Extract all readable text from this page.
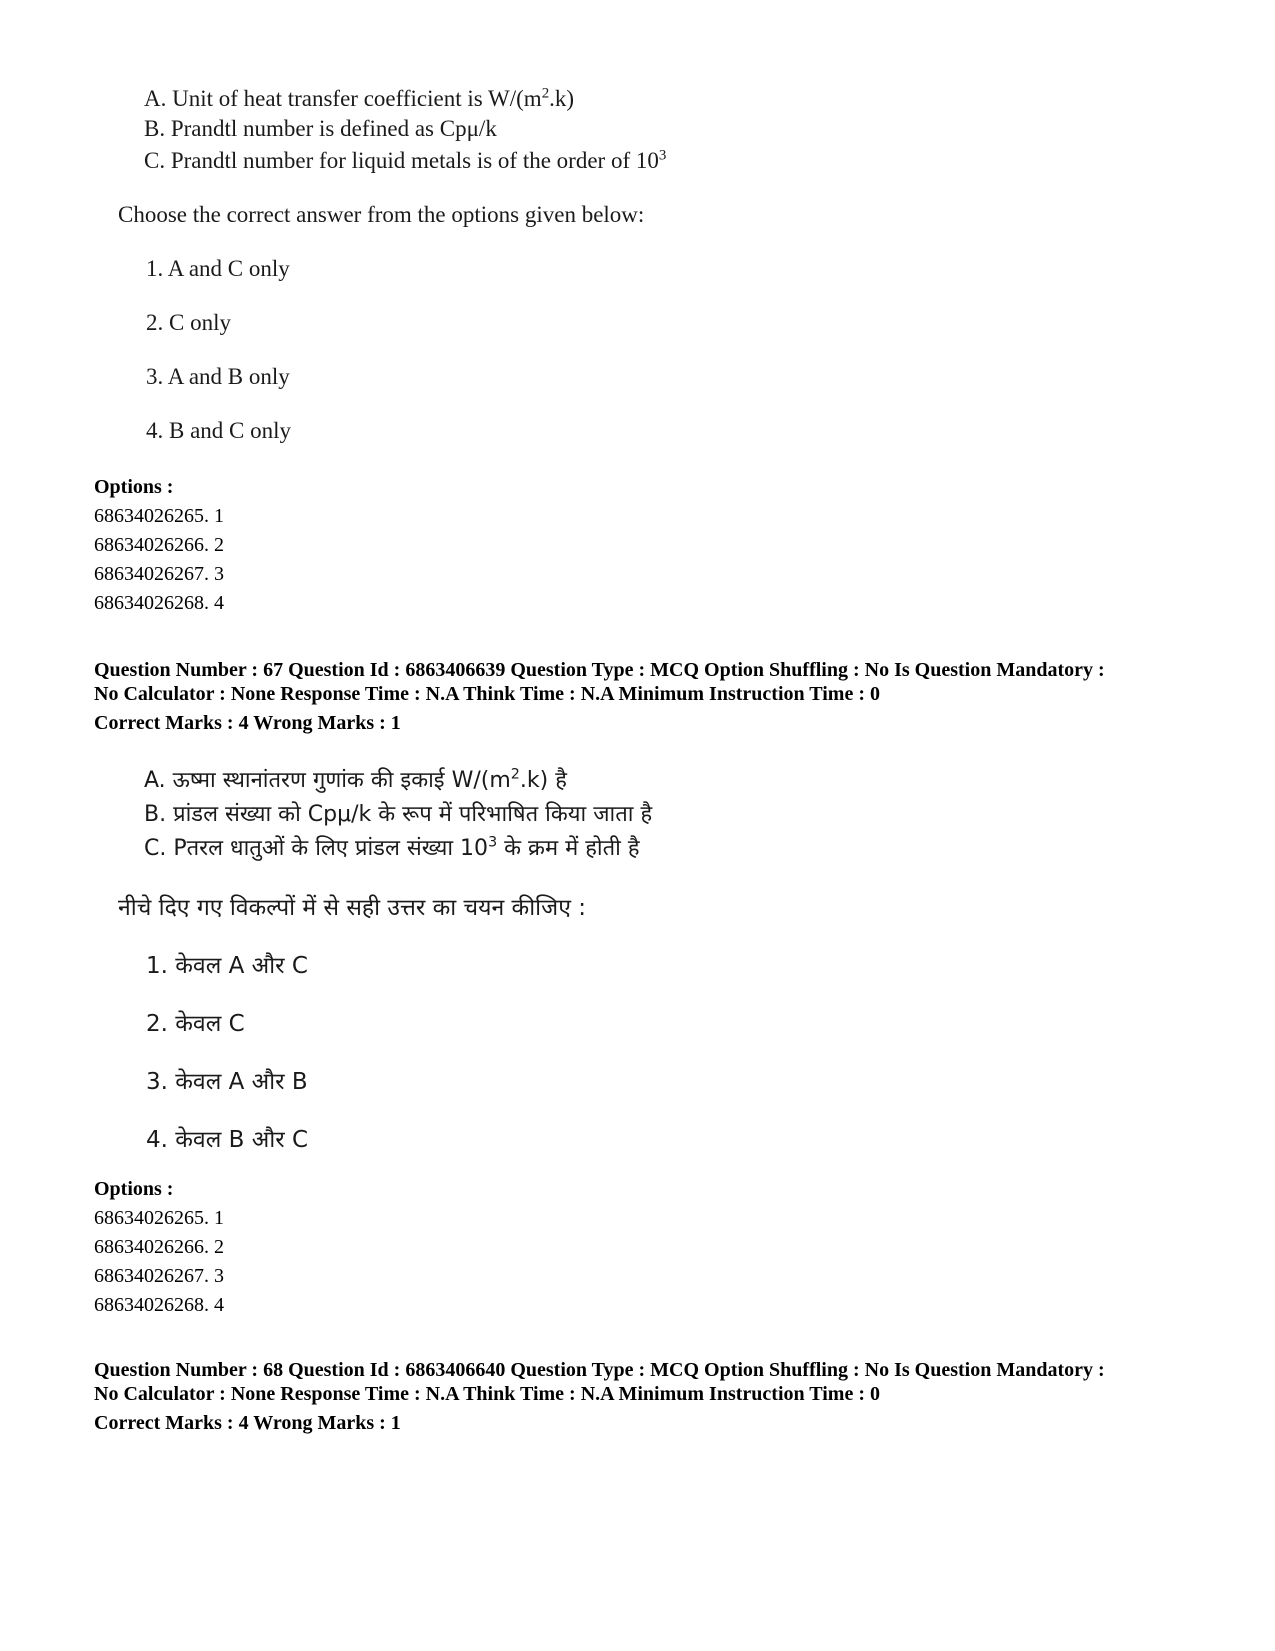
A. Unit of heat transfer coefficient is $W/(m^2.k)$
B. Prandtl number is defined as Cpμ/k
C. Prandtl number for liquid metals is of the order of $10^3$
Choose the correct answer from the options given below:
1. A and C only
2. C only
3. A and B only
4. B and C only
Options :
68634026265. 1
68634026266. 2
68634026267. 3
68634026268. 4
Question Number : 67 Question Id : 6863406639 Question Type : MCQ Option Shuffling : No Is Question Mandatory :
No Calculator : None Response Time : N.A Think Time : N.A Minimum Instruction Time : 0
Correct Marks : 4 Wrong Marks : 1
A. ऊष्मा स्थानांतरण गुणांक की इकाई $W/(m^2.k)$ है
B. प्रांडल संख्या को Cpμ/k के रूप में परिभाषित किया जाता है
C. Pतरल धातुओं के लिए प्रांडल संख्या $10^3$ के क्रम में होती है
नीचे दिए गए विकल्पों में से सही उत्तर का चयन कीजिए :
1. केवल A और C
2. केवल C
3. केवल A और B
4. केवल B और C
Options :
68634026265. 1
68634026266. 2
68634026267. 3
68634026268. 4
Question Number : 68 Question Id : 6863406640 Question Type : MCQ Option Shuffling : No Is Question Mandatory :
No Calculator : None Response Time : N.A Think Time : N.A Minimum Instruction Time : 0
Correct Marks : 4 Wrong Marks : 1
